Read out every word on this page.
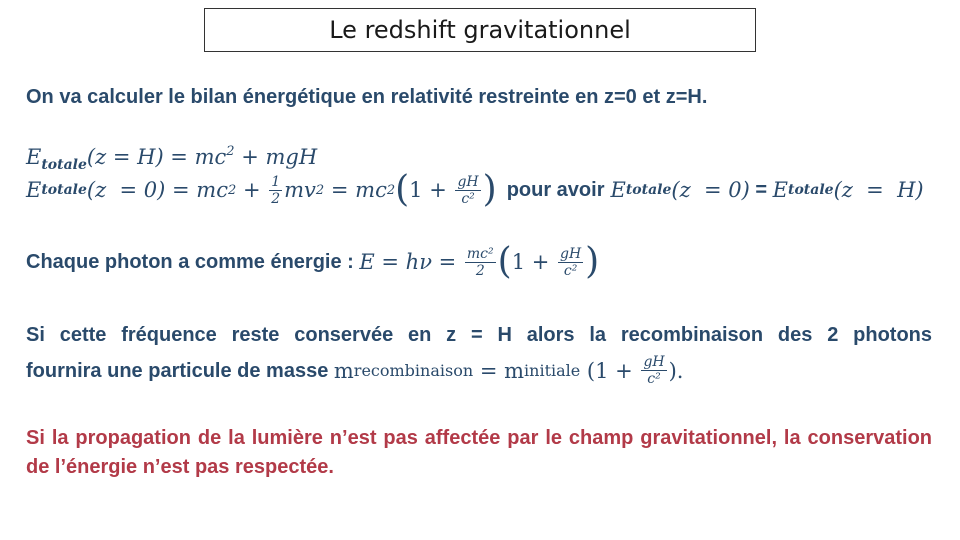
Le redshift gravitationnel
On va calculer le bilan énergétique en relativité restreinte en z=0 et z=H.
$E_{totale}(z = H) = mc^2$ + mgH
E totale (z  = 0) = mc $2 + \frac{1}{2}$ mv 2 = mc 2 ( $1 + \frac{gH}{\text{c²}}$ ) pour avoir E totale (z  = 0) = E totale (z  =  H)
Chaque photon a comme énergie : $E = h\nu = \frac{\text{mc²}}{2}$ ( $1 + \frac{gH}{\text{c²}}$ )
Si cette fréquence reste conservée en z = H alors la recombinaison des 2 photons
fournira une particule de masse m recombinaison = m initiale ($1 + \frac{gH}{\text{c²}}$ ).
Si la propagation de la lumière n’est pas affectée par le champ gravitationnel, la conservation de l’énergie n’est pas respectée.
